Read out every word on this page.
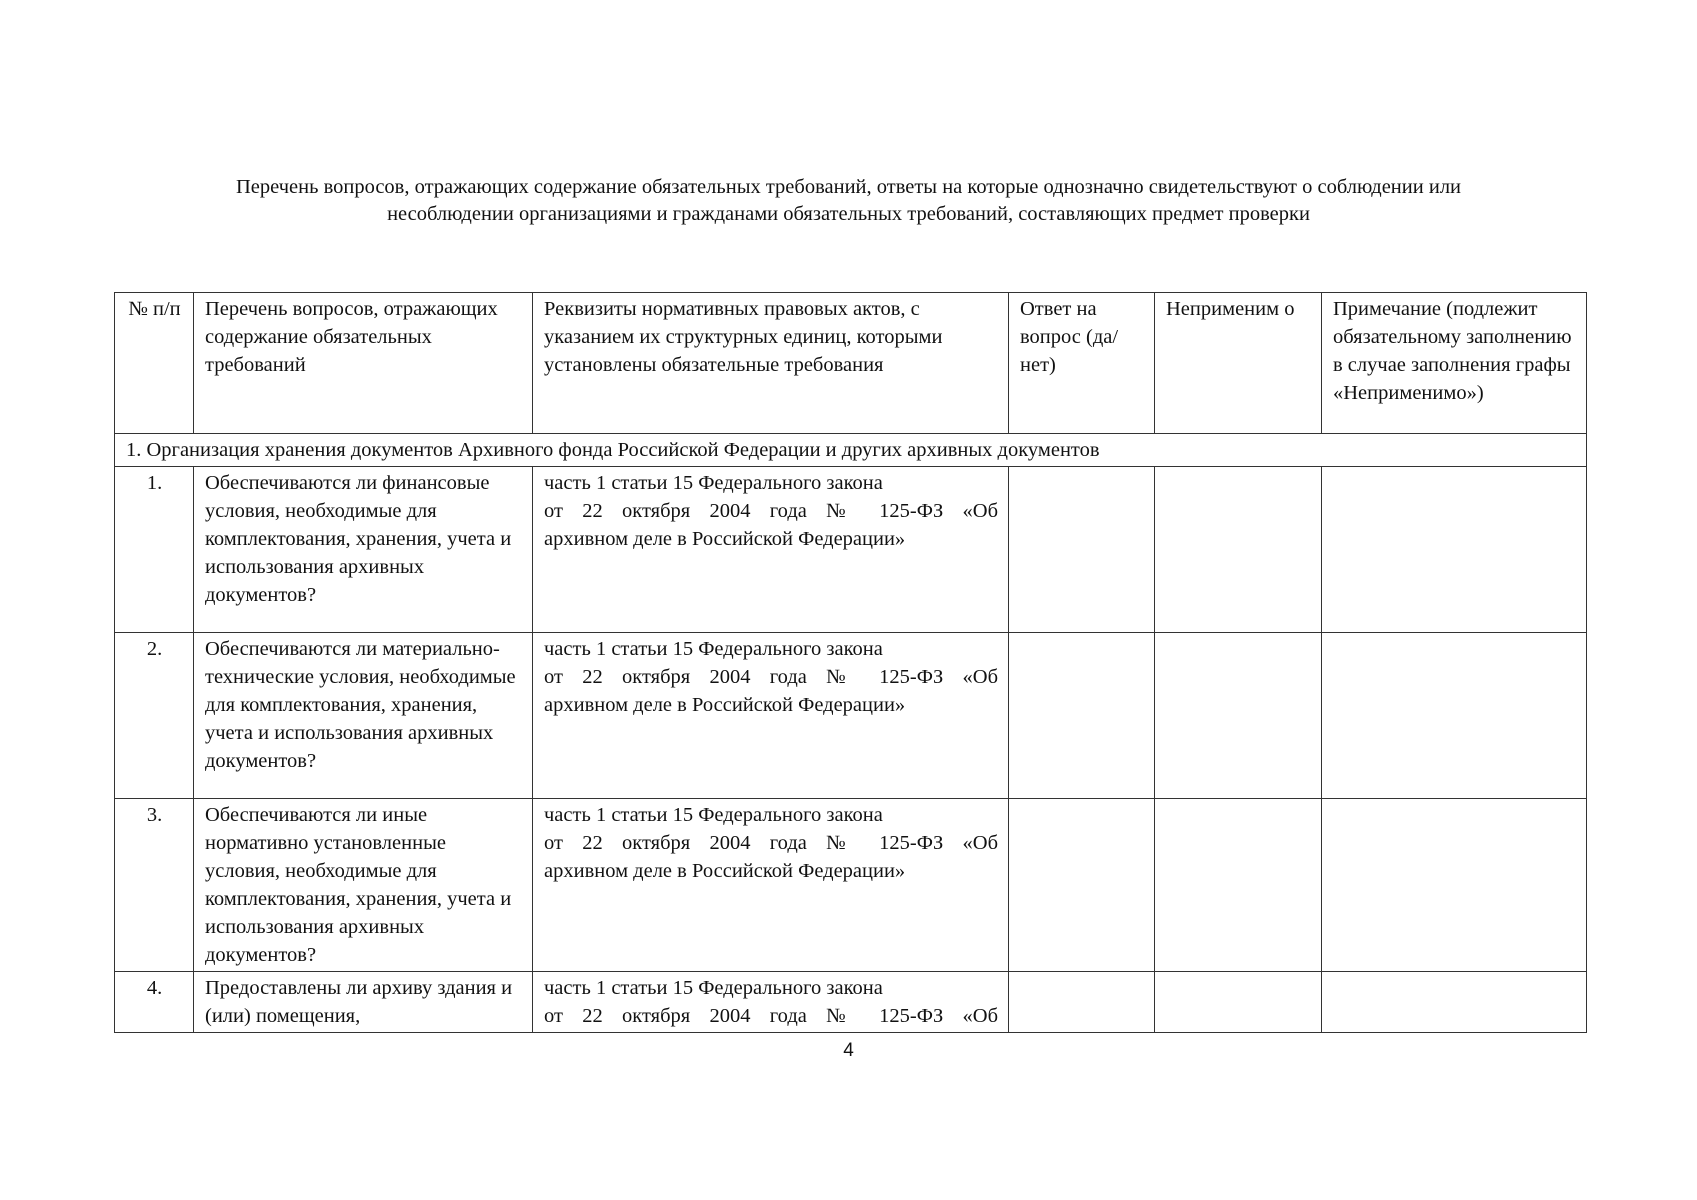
Перечень вопросов, отражающих содержание обязательных требований, ответы на которые однозначно свидетельствуют о соблюдении или
несоблюдении организациями и гражданами обязательных требований, составляющих предмет проверки
№ п/п	Перечень вопросов, отражающих содержание обязательных требований	Реквизиты нормативных правовых актов, с указанием их структурных единиц, которыми установлены обязательные требования	Ответ на вопрос (да/нет)	Неприменим о	Примечание (подлежит обязательному заполнению в случае заполнения графы «Неприменимо»)
1. Организация хранения документов Архивного фонда Российской Федерации и других архивных документов					
1.	Обеспечиваются ли финансовые условия, необходимые для комплектования, хранения, учета и использования архивных документов?	часть 1 статьи 15 Федерального закона
от 22 октября 2004 года № 125-ФЗ «Об
архивном деле в Российской Федерации»			

2.	Обеспечиваются ли материально-технические условия, необходимые для комплектования, хранения, учета и использования архивных документов?	часть 1 статьи 15 Федерального закона
от 22 октября 2004 года № 125-ФЗ «Об
архивном деле в Российской Федерации»			

3.	Обеспечиваются ли иные нормативно установленные условия, необходимые для комплектования, хранения, учета и использования архивных документов?	часть 1 статьи 15 Федерального закона
от 22 октября 2004 года № 125-ФЗ «Об
архивном деле в Российской Федерации»			

4.	Предоставлены ли архиву здания и (или) помещения,	часть 1 статьи 15 Федерального закона
от 22 октября 2004 года № 125-ФЗ «Об			

4
